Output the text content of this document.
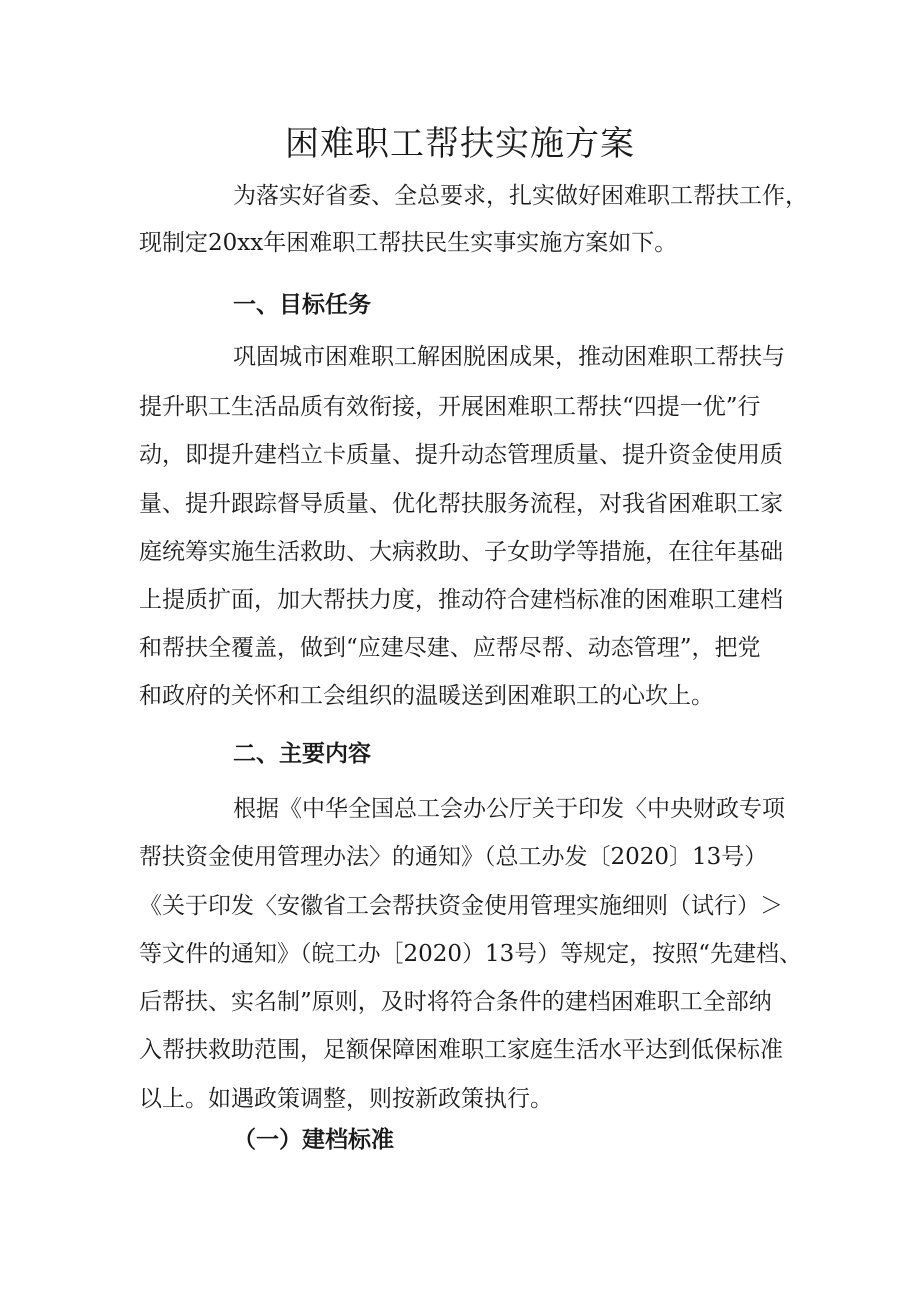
困难职工帮扶实施方案

为落实好省委、全总要求，扎实做好困难职工帮扶工作，

现制定20xx年困难职工帮扶民生实事实施方案如下。

一、目标任务

巩固城市困难职工解困脱困成果，推动困难职工帮扶与

提升职工生活品质有效衔接，开展困难职工帮扶“四提一优”行

动，即提升建档立卡质量、提升动态管理质量、提升资金使用质

量、提升跟踪督导质量、优化帮扶服务流程，对我省困难职工家

庭统筹实施生活救助、大病救助、子女助学等措施，在往年基础

上提质扩面，加大帮扶力度，推动符合建档标准的困难职工建档

和帮扶全覆盖，做到“应建尽建、应帮尽帮、动态管理”，把党

和政府的关怀和工会组织的温暖送到困难职工的心坎上。

二、主要内容

根据《中华全国总工会办公厅关于印发〈中央财政专项

帮扶资金使用管理办法〉的通知》（总工办发〔2020〕13号）

《关于印发〈安徽省工会帮扶资金使用管理实施细则（试行）＞

等文件的通知》（皖工办［2020）13号）等规定，按照“先建档、

后帮扶、实名制”原则，及时将符合条件的建档困难职工全部纳

入帮扶救助范围，足额保障困难职工家庭生活水平达到低保标准

以上。如遇政策调整，则按新政策执行。

（一）建档标准
